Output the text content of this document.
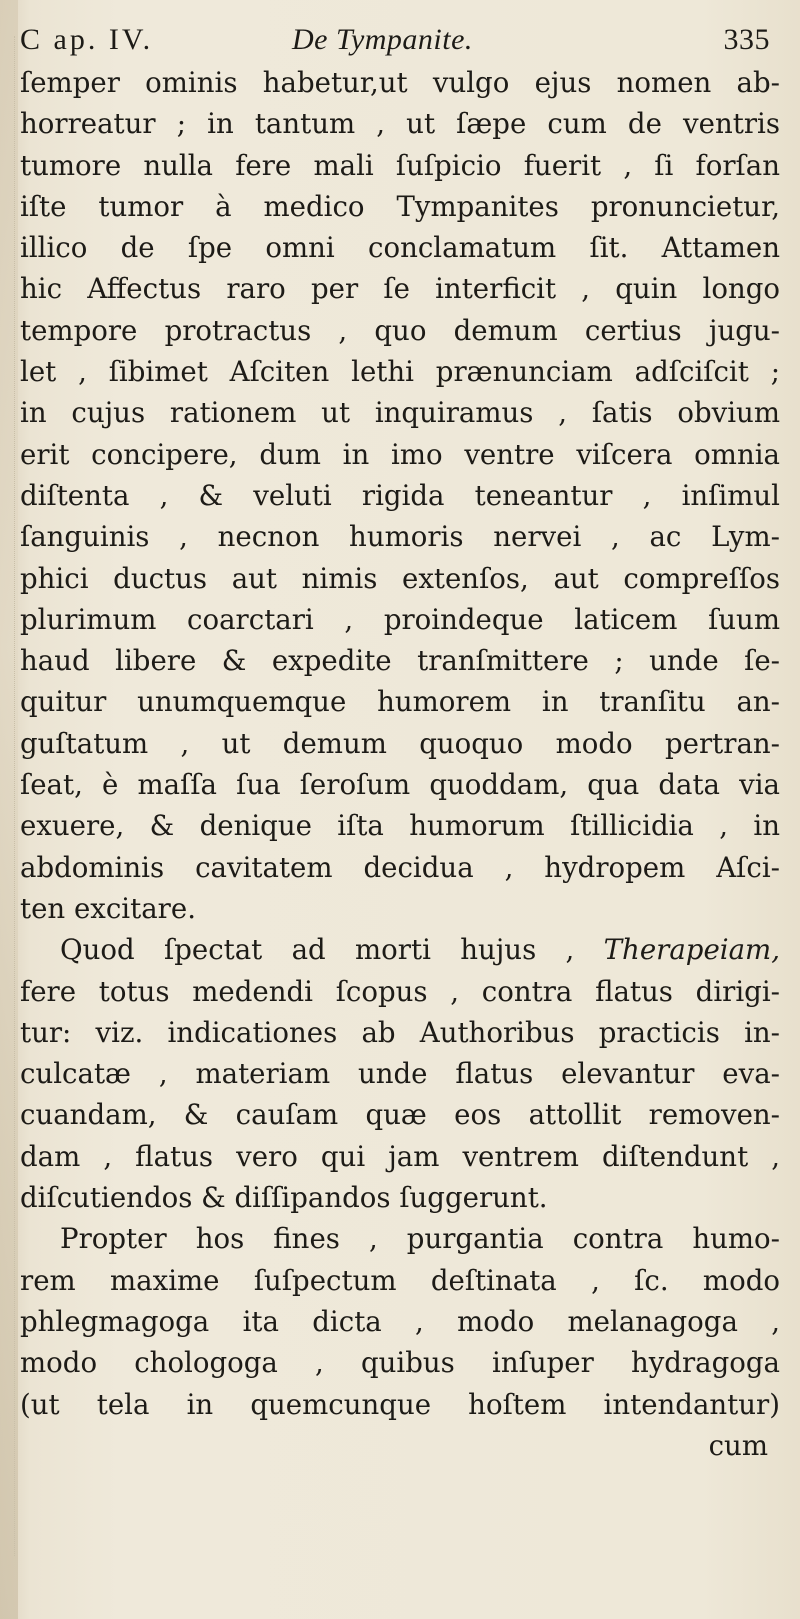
C ap. IV.	De Tympanite.	335
ſemper ominis habetur,ut vulgo ejus nomen ab-
horreatur ; in tantum , ut ſæpe cum de ventris
tumore nulla fere mali ſuſpicio fuerit , ſi forſan
iſte tumor à medico Tympanites pronuncietur,
illico de ſpe omni conclamatum ſit. Attamen
hic Affectus raro per ſe interficit , quin longo
tempore protractus , quo demum certius jugu-
let , ſibimet Aſciten lethi prænunciam adſciſcit ;
in cujus rationem ut inquiramus , ſatis obvium
erit concipere, dum in imo ventre viſcera omnia
diſtenta , & veluti rigida teneantur , inſimul
ſanguinis , necnon humoris nervei , ac Lym-
phici ductus aut nimis extenſos, aut compreſſos
plurimum coarctari , proindeque laticem ſuum
haud libere & expedite tranſmittere ; unde ſe-
quitur unumquemque humorem in tranſitu an-
guſtatum , ut demum quoquo modo pertran-
ſeat, è maſſa ſua ſeroſum quoddam, qua data via
exuere, & denique iſta humorum ſtillicidia , in
abdominis cavitatem decidua , hydropem Aſci-
ten excitare.
Quod ſpectat ad morti hujus , Therapeiam,
fere totus medendi ſcopus , contra flatus dirigi-
tur: viz. indicationes ab Authoribus practicis in-
culcatæ , materiam unde flatus elevantur eva-
cuandam, & cauſam quæ eos attollit removen-
dam , flatus vero qui jam ventrem diſtendunt ,
diſcutiendos & diſſipandos ſuggerunt.
Propter hos fines , purgantia contra humo-
rem maxime ſuſpectum deſtinata , ſc. modo
phlegmagoga ita dicta , modo melanagoga ,
modo chologoga , quibus inſuper hydragoga
(ut tela in quemcunque hoſtem intendantur)
cum
